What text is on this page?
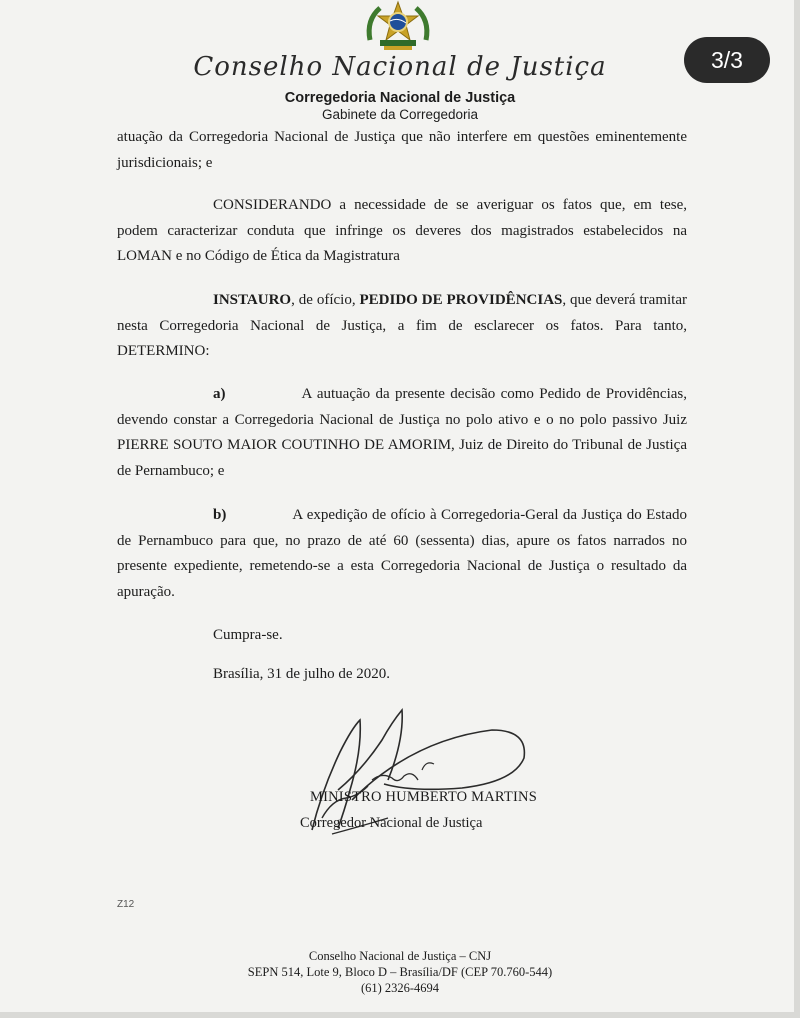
3/3
Conselho Nacional de Justiça
Corregedoria Nacional de Justiça
Gabinete da Corregedoria

atuação da Corregedoria Nacional de Justiça que não interfere em questões eminentemente jurisdicionais; e

CONSIDERANDO a necessidade de se averiguar os fatos que, em tese, podem caracterizar conduta que infringe os deveres dos magistrados estabelecidos na LOMAN e no Código de Ética da Magistratura

INSTAURO, de ofício, PEDIDO DE PROVIDÊNCIAS, que deverá tramitar nesta Corregedoria Nacional de Justiça, a fim de esclarecer os fatos. Para tanto, DETERMINO:

a)	A autuação da presente decisão como Pedido de Providências, devendo constar a Corregedoria Nacional de Justiça no polo ativo e o no polo passivo Juiz PIERRE SOUTO MAIOR COUTINHO DE AMORIM, Juiz de Direito do Tribunal de Justiça de Pernambuco; e

b)	A expedição de ofício à Corregedoria-Geral da Justiça do Estado de Pernambuco para que, no prazo de até 60 (sessenta) dias, apure os fatos narrados no presente expediente, remetendo-se a esta Corregedoria Nacional de Justiça o resultado da apuração.

Cumpra-se.
Brasília, 31 de julho de 2020.
MINISTRO HUMBERTO MARTINS
Corregedor Nacional de Justiça
Z12
Conselho Nacional de Justiça – CNJ
SEPN 514, Lote 9, Bloco D – Brasília/DF (CEP 70.760-544)
(61) 2326-4694
